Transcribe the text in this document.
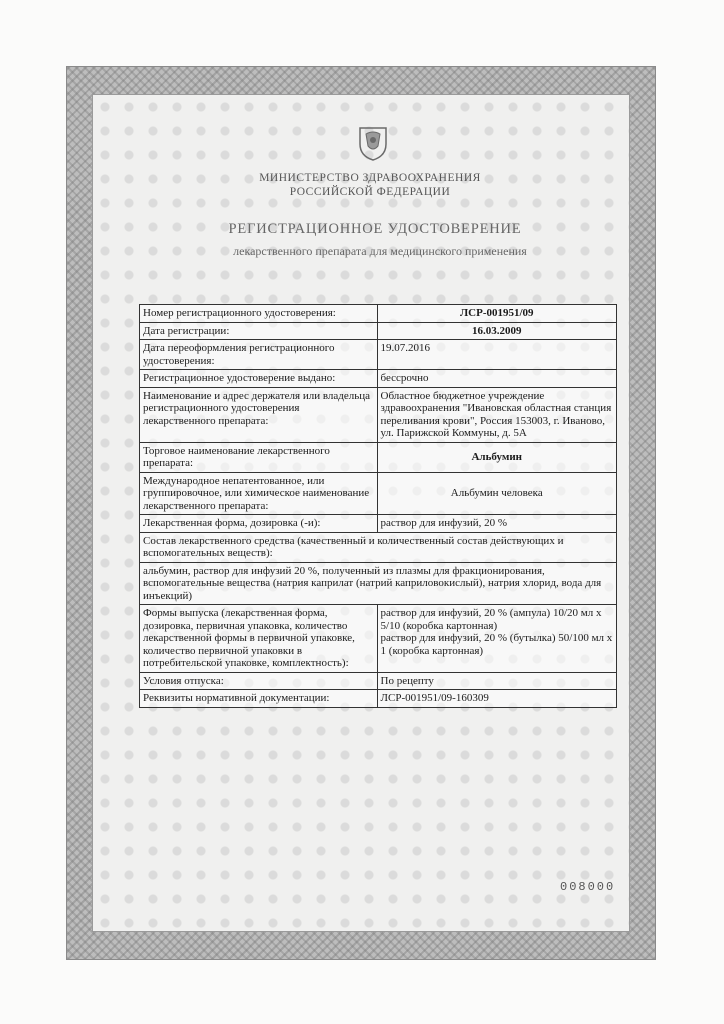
МИНИСТЕРСТВО ЗДРАВООХРАНЕНИЯ
РОССИЙСКОЙ ФЕДЕРАЦИИ
РЕГИСТРАЦИОННОЕ УДОСТОВЕРЕНИЕ
лекарственного препарата для медицинского применения
Номер регистрационного удостоверения:	ЛСР-001951/09
Дата регистрации:	16.03.2009
Дата переоформления регистрационного удостоверения:	19.07.2016
Регистрационное удостоверение выдано:	бессрочно
Наименование и адрес держателя или владельца регистрационного удостоверения лекарственного препарата:	Областное бюджетное учреждение здравоохранения "Ивановская областная станция переливания крови", Россия 153003, г. Иваново, ул. Парижской Коммуны, д. 5А
Торговое наименование лекарственного препарата:	Альбумин
Международное непатентованное, или группировочное, или химическое наименование лекарственного препарата:	Альбумин человека
Лекарственная форма, дозировка (-и):	раствор для инфузий, 20 %
Состав лекарственного средства (качественный и количественный состав действующих и вспомогательных веществ):	
альбумин, раствор для инфузий 20 %, полученный из плазмы для фракционирования, вспомогательные вещества (натрия каприлат (натрий каприловокислый), натрия хлорид, вода для инъекций)	
Формы выпуска (лекарственная форма, дозировка, первичная упаковка, количество лекарственной формы в первичной упаковке, количество первичной упаковки в потребительской упаковке, комплектность):	раствор для инфузий, 20 % (ампула) 10/20 мл х 5/10 (коробка картонная)
раствор для инфузий, 20 % (бутылка) 50/100 мл х 1 (коробка картонная)

Условия отпуска:	По рецепту
Реквизиты нормативной документации:	ЛСР-001951/09-160309
008000
